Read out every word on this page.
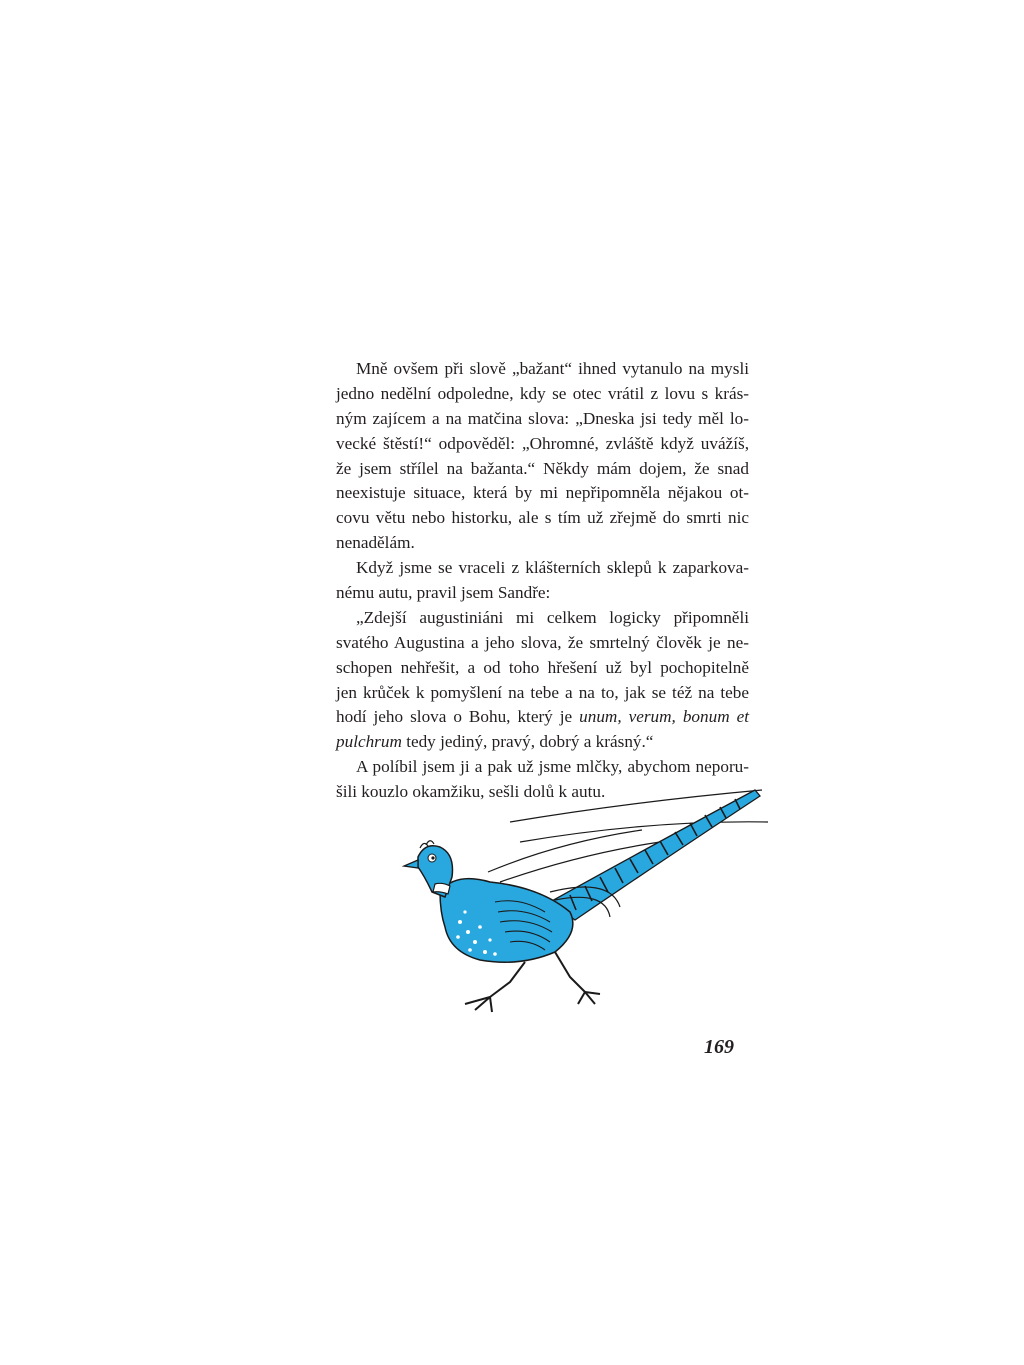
Mně ovšem při slově „bažant“ ihned vytanulo na mysli
jedno nedělní odpoledne, kdy se otec vrátil z lovu s krás-
ným zajícem a na matčina slova: „Dneska jsi tedy měl lo-
vecké štěstí!“ odpověděl: „Ohromné, zvláště když uvážíš,
že jsem střílel na bažanta.“ Někdy mám dojem, že snad
neexistuje situace, která by mi nepřipomněla nějakou ot-
covu větu nebo historku, ale s tím už zřejmě do smrti nic
nenadělám.
Když jsme se vraceli z klášterních sklepů k zaparkova-
nému autu, pravil jsem Sandře:
„Zdejší augustiniáni mi celkem logicky připomněli
svatého Augustina a jeho slova, že smrtelný člověk je ne-
schopen nehřešit, a od toho hřešení už byl pochopitelně
jen krůček k pomyšlení na tebe a na to, jak se též na tebe
hodí jeho slova o Bohu, který je unum, verum, bonum et
pulchrum tedy jediný, pravý, dobrý a krásný.“
A políbil jsem ji a pak už jsme mlčky, abychom neporu-
šili kouzlo okamžiku, sešli dolů k autu.
169
